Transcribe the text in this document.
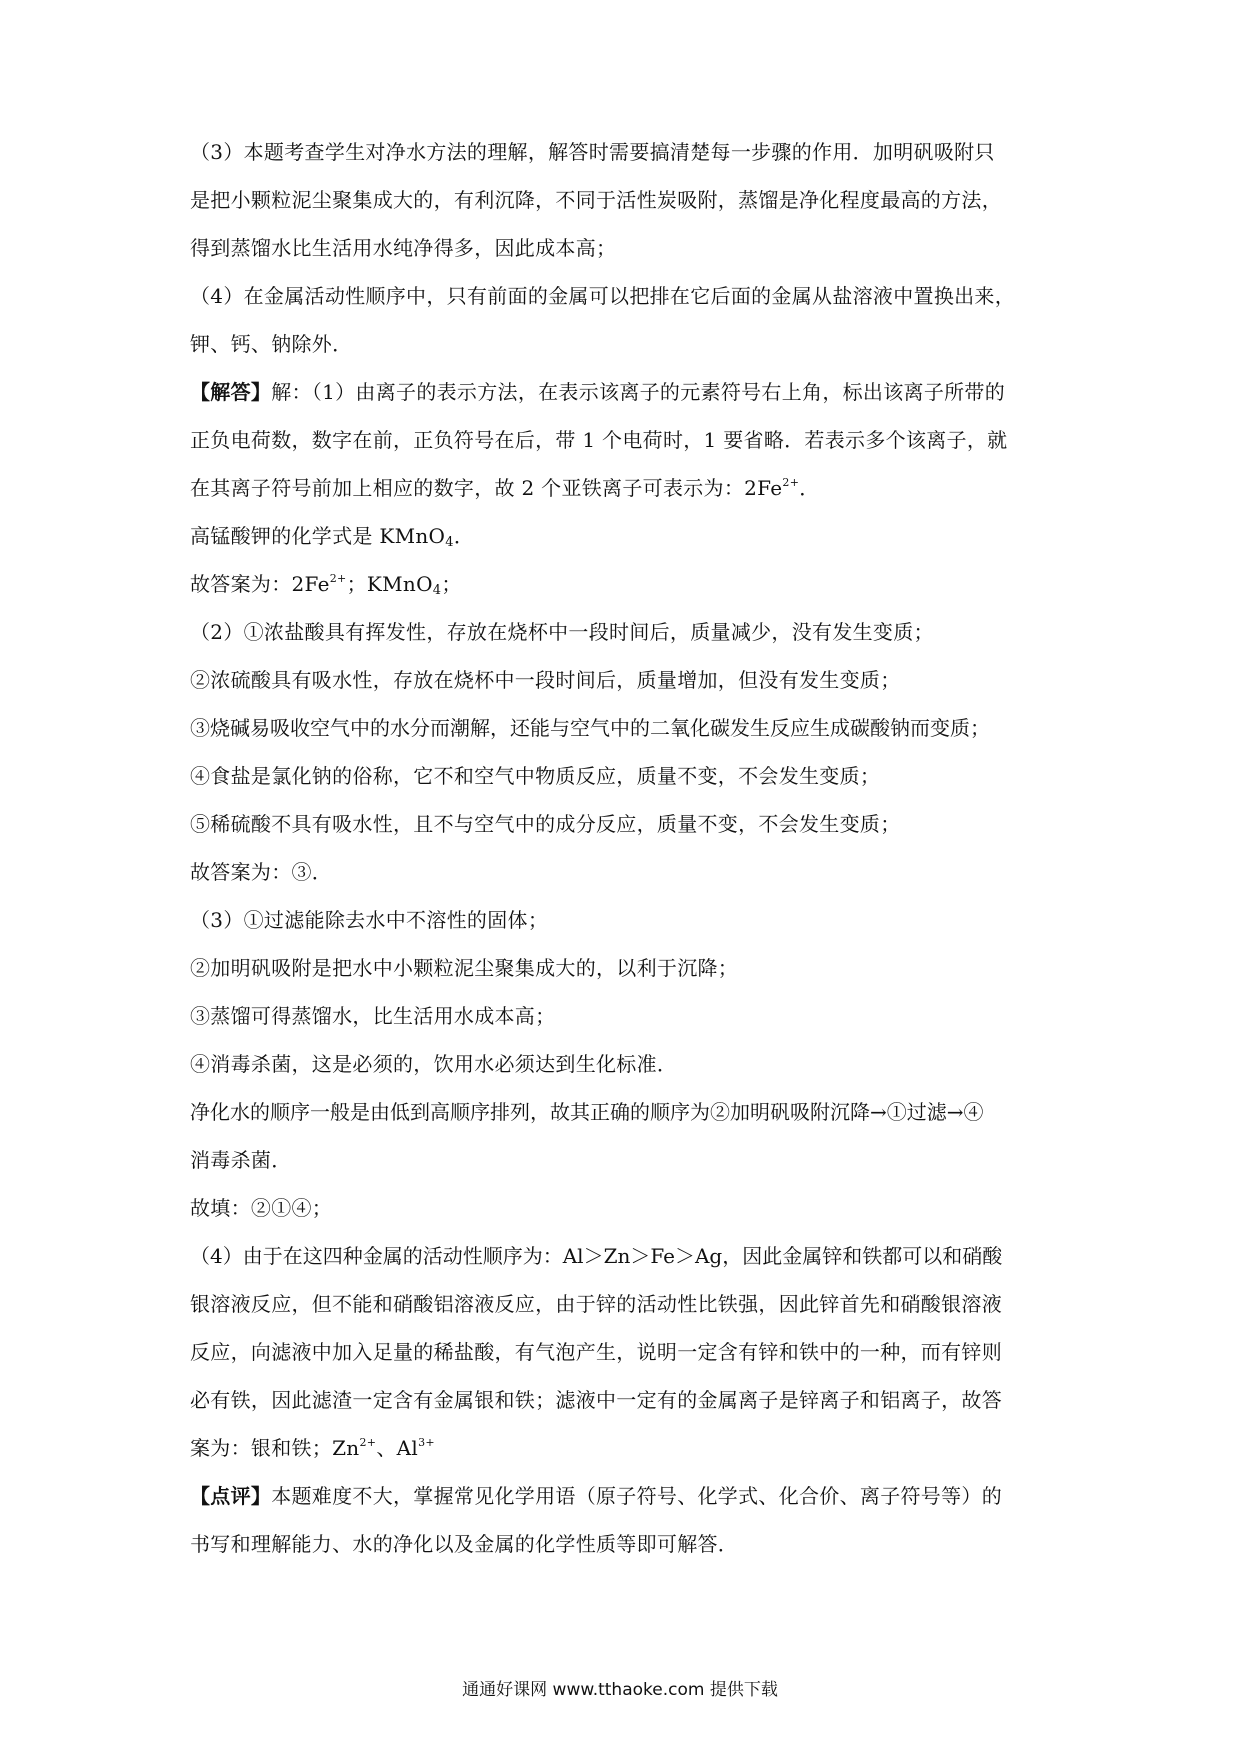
（3）本题考查学生对净水方法的理解，解答时需要搞清楚每一步骤的作用．加明矾吸附只
是把小颗粒泥尘聚集成大的，有利沉降，不同于活性炭吸附，蒸馏是净化程度最高的方法，
得到蒸馏水比生活用水纯净得多，因此成本高；
（4）在金属活动性顺序中，只有前面的金属可以把排在它后面的金属从盐溶液中置换出来，
钾、钙、钠除外．
【解答】解：（1）由离子的表示方法，在表示该离子的元素符号右上角，标出该离子所带的
正负电荷数，数字在前，正负符号在后，带 1 个电荷时，1 要省略．若表示多个该离子，就
在其离子符号前加上相应的数字，故 2 个亚铁离子可表示为：$2Fe^{2+}$．
高锰酸钾的化学式是 KMnO$_4$．
故答案为：$2Fe^{2+}$；KMnO$_4$；
（2）①浓盐酸具有挥发性，存放在烧杯中一段时间后，质量减少，没有发生变质；
②浓硫酸具有吸水性，存放在烧杯中一段时间后，质量增加，但没有发生变质；
③烧碱易吸收空气中的水分而潮解，还能与空气中的二氧化碳发生反应生成碳酸钠而变质；
④食盐是氯化钠的俗称，它不和空气中物质反应，质量不变，不会发生变质；
⑤稀硫酸不具有吸水性，且不与空气中的成分反应，质量不变，不会发生变质；
故答案为：③．
（3）①过滤能除去水中不溶性的固体；
②加明矾吸附是把水中小颗粒泥尘聚集成大的，以利于沉降；
③蒸馏可得蒸馏水，比生活用水成本高；
④消毒杀菌，这是必须的，饮用水必须达到生化标准．
净化水的顺序一般是由低到高顺序排列，故其正确的顺序为②加明矾吸附沉降→①过滤→④
消毒杀菌．
故填：②①④；
（4）由于在这四种金属的活动性顺序为：Al＞Zn＞Fe＞Ag，因此金属锌和铁都可以和硝酸
银溶液反应，但不能和硝酸铝溶液反应，由于锌的活动性比铁强，因此锌首先和硝酸银溶液
反应，向滤液中加入足量的稀盐酸，有气泡产生，说明一定含有锌和铁中的一种，而有锌则
必有铁，因此滤渣一定含有金属银和铁；滤液中一定有的金属离子是锌离子和铝离子，故答
案为：银和铁；$Zn^{2+}$、$Al^{3+}$
【点评】本题难度不大，掌握常见化学用语（原子符号、化学式、化合价、离子符号等）的
书写和理解能力、水的净化以及金属的化学性质等即可解答．
通通好课网 www.tthaoke.com 提供下载
